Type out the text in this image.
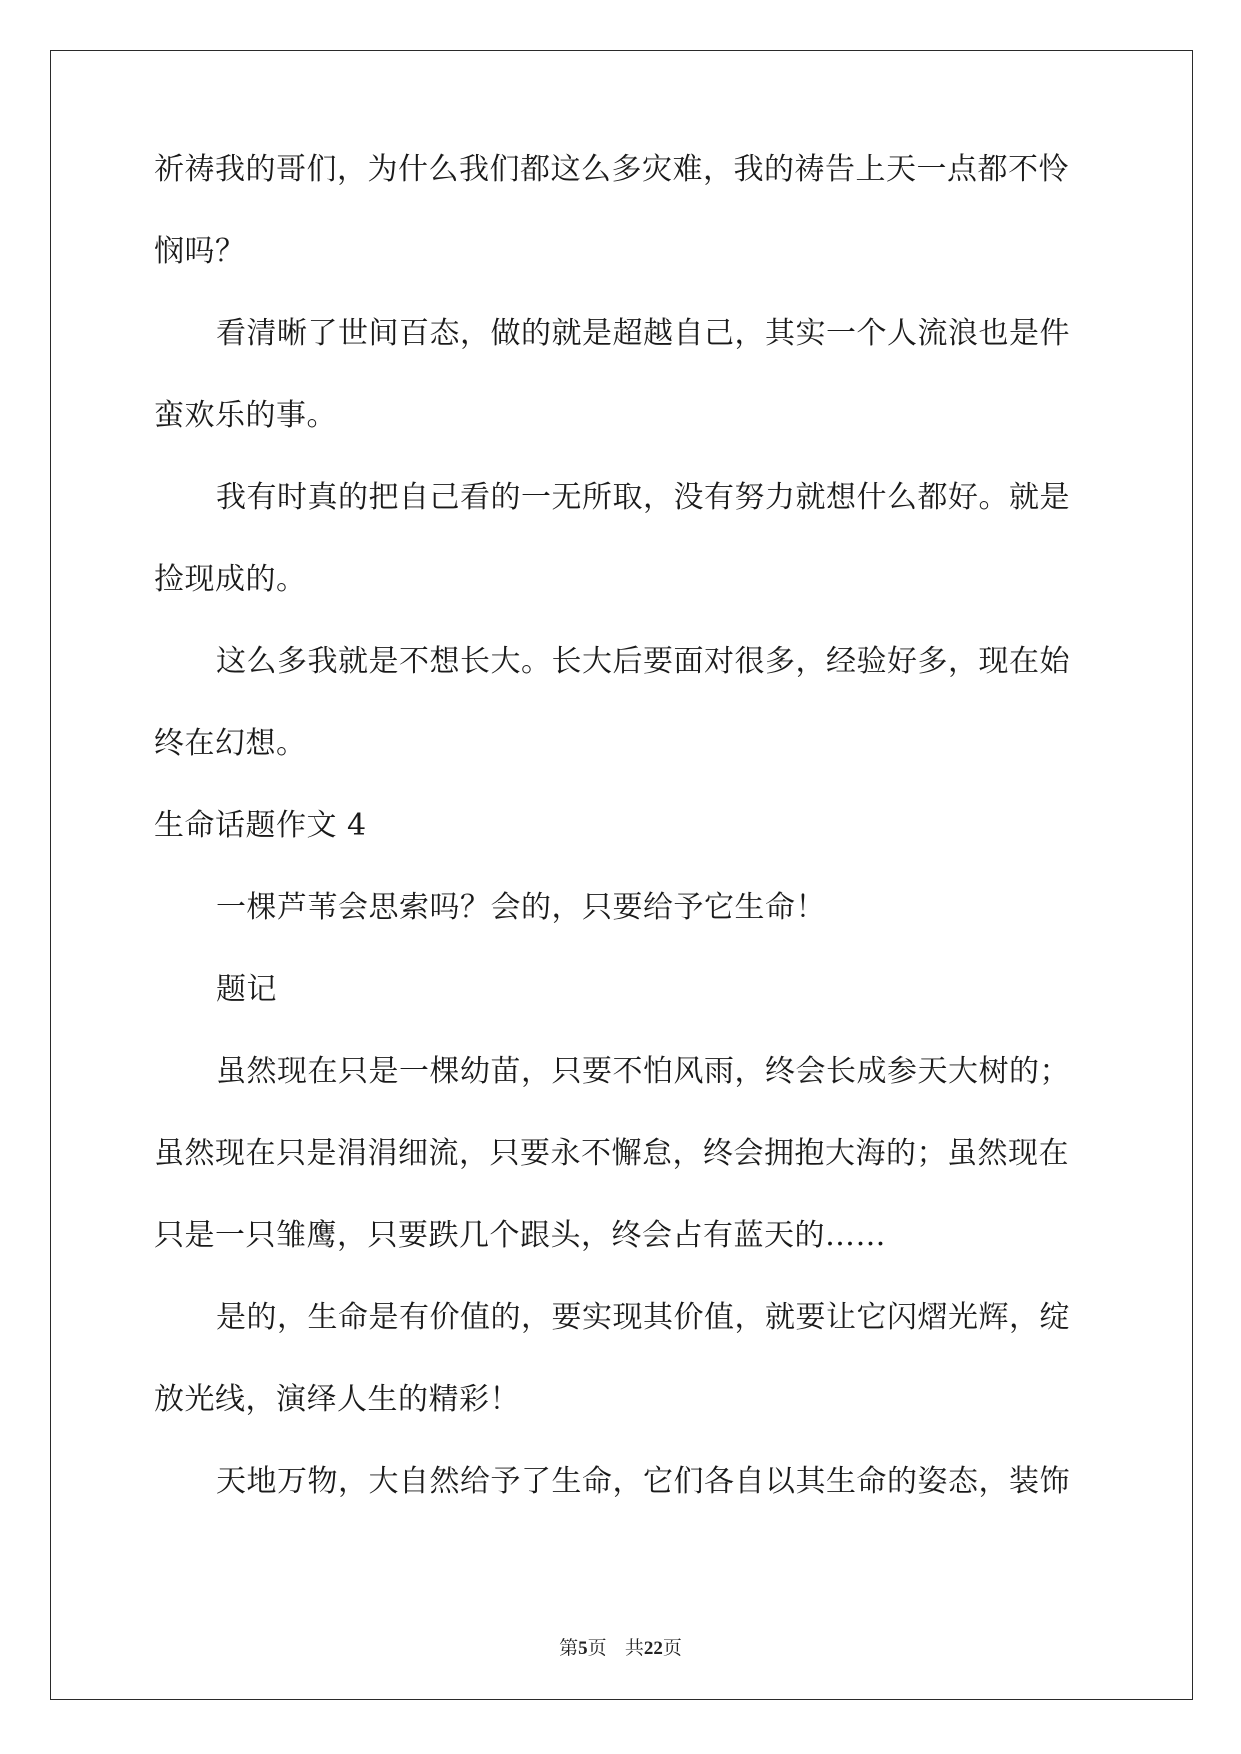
祈祷我的哥们，为什么我们都这么多灾难，我的祷告上天一点都不怜
悯吗？
看清晰了世间百态，做的就是超越自己，其实一个人流浪也是件
蛮欢乐的事。
我有时真的把自己看的一无所取，没有努力就想什么都好。就是
捡现成的。
这么多我就是不想长大。长大后要面对很多，经验好多，现在始
终在幻想。
生命话题作文 4
一棵芦苇会思索吗？会的，只要给予它生命！
题记
虽然现在只是一棵幼苗，只要不怕风雨，终会长成参天大树的；
虽然现在只是涓涓细流，只要永不懈怠，终会拥抱大海的；虽然现在
只是一只雏鹰，只要跌几个跟头，终会占有蓝天的……
是的，生命是有价值的，要实现其价值，就要让它闪熠光辉，绽
放光线，演绎人生的精彩！
天地万物，大自然给予了生命，它们各自以其生命的姿态，装饰
第5页 共22页
